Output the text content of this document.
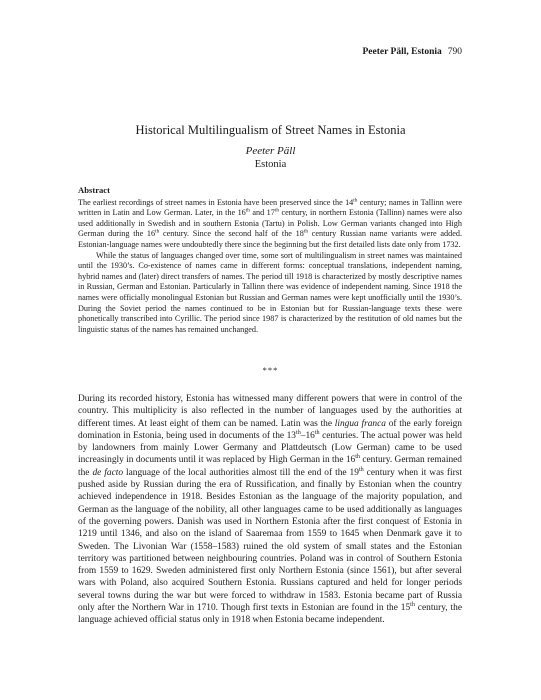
Peeter Päll, Estonia 790
Historical Multilingualism of Street Names in Estonia
Peeter Päll
Estonia
Abstract

The earliest recordings of street names in Estonia have been preserved since the 14th century; names in Tallinn were written in Latin and Low German. Later, in the 16th and 17th century, in northern Estonia (Tallinn) names were also used additionally in Swedish and in southern Estonia (Tartu) in Polish. Low German variants changed into High German during the 16th century. Since the second half of the 18th century Russian name variants were added. Estonian-language names were undoubtedly there since the beginning but the first detailed lists date only from 1732.

While the status of languages changed over time, some sort of multilingualism in street names was maintained until the 1930’s. Co-existence of names came in different forms: conceptual translations, independent naming, hybrid names and (later) direct transfers of names. The period till 1918 is characterized by mostly descriptive names in Russian, German and Estonian. Particularly in Tallinn there was evidence of independent naming. Since 1918 the names were officially monolingual Estonian but Russian and German names were kept unofficially until the 1930’s. During the Soviet period the names continued to be in Estonian but for Russian-language texts these were phonetically transcribed into Cyrillic. The period since 1987 is characterized by the restitution of old names but the linguistic status of the names has remained unchanged.

***

During its recorded history, Estonia has witnessed many different powers that were in control of the country. This multiplicity is also reflected in the number of languages used by the authorities at different times. At least eight of them can be named. Latin was the lingua franca of the early foreign domination in Estonia, being used in documents of the 13th–16th centuries. The actual power was held by landowners from mainly Lower Germany and Plattdeutsch (Low German) came to be used increasingly in documents until it was replaced by High German in the 16th century. German remained the de facto language of the local authorities almost till the end of the 19th century when it was first pushed aside by Russian during the era of Russification, and finally by Estonian when the country achieved independence in 1918. Besides Estonian as the language of the majority population, and German as the language of the nobility, all other languages came to be used additionally as languages of the governing powers. Danish was used in Northern Estonia after the first conquest of Estonia in 1219 until 1346, and also on the island of Saaremaa from 1559 to 1645 when Denmark gave it to Sweden. The Livonian War (1558–1583) ruined the old system of small states and the Estonian territory was partitioned between neighbouring countries. Poland was in control of Southern Estonia from 1559 to 1629. Sweden administered first only Northern Estonia (since 1561), but after several wars with Poland, also acquired Southern Estonia. Russians captured and held for longer periods several towns during the war but were forced to withdraw in 1583. Estonia became part of Russia only after the Northern War in 1710. Though first texts in Estonian are found in the 15th century, the language achieved official status only in 1918 when Estonia became independent.
